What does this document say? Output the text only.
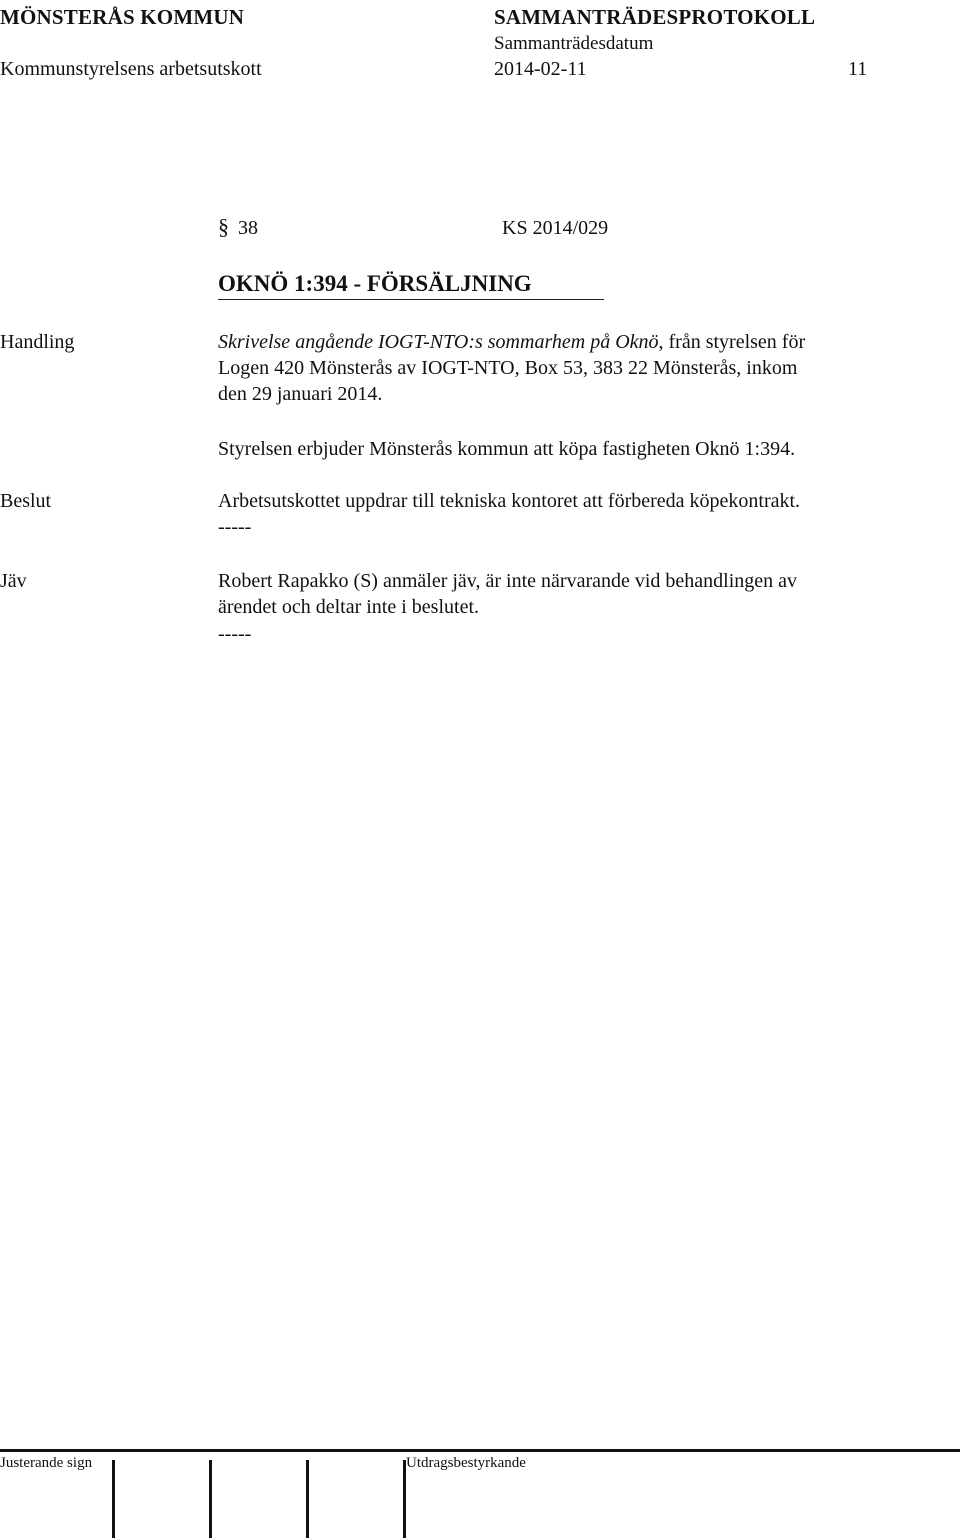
MÖNSTERÅS KOMMUN	SAMMANTRÄDESPROTOKOLL
Sammanträdesdatum
Kommunstyrelsens arbetsutskott	2014-02-11	11
§ 38	KS 2014/029
OKNÖ 1:394 - FÖRSÄLJNING
Handling	Skrivelse angående IOGT-NTO:s sommarhem på Oknö, från styrelsen för
Logen 420 Mönsterås av IOGT-NTO, Box 53, 383 22 Mönsterås, inkom
den 29 januari 2014.
Styrelsen erbjuder Mönsterås kommun att köpa fastigheten Oknö 1:394.
Beslut	Arbetsutskottet uppdrar till tekniska kontoret att förbereda köpekontrakt.
-----
Jäv	Robert Rapakko (S) anmäler jäv, är inte närvarande vid behandlingen av
ärendet och deltar inte i beslutet.
-----
Justerande sign	Utdragsbestyrkande
